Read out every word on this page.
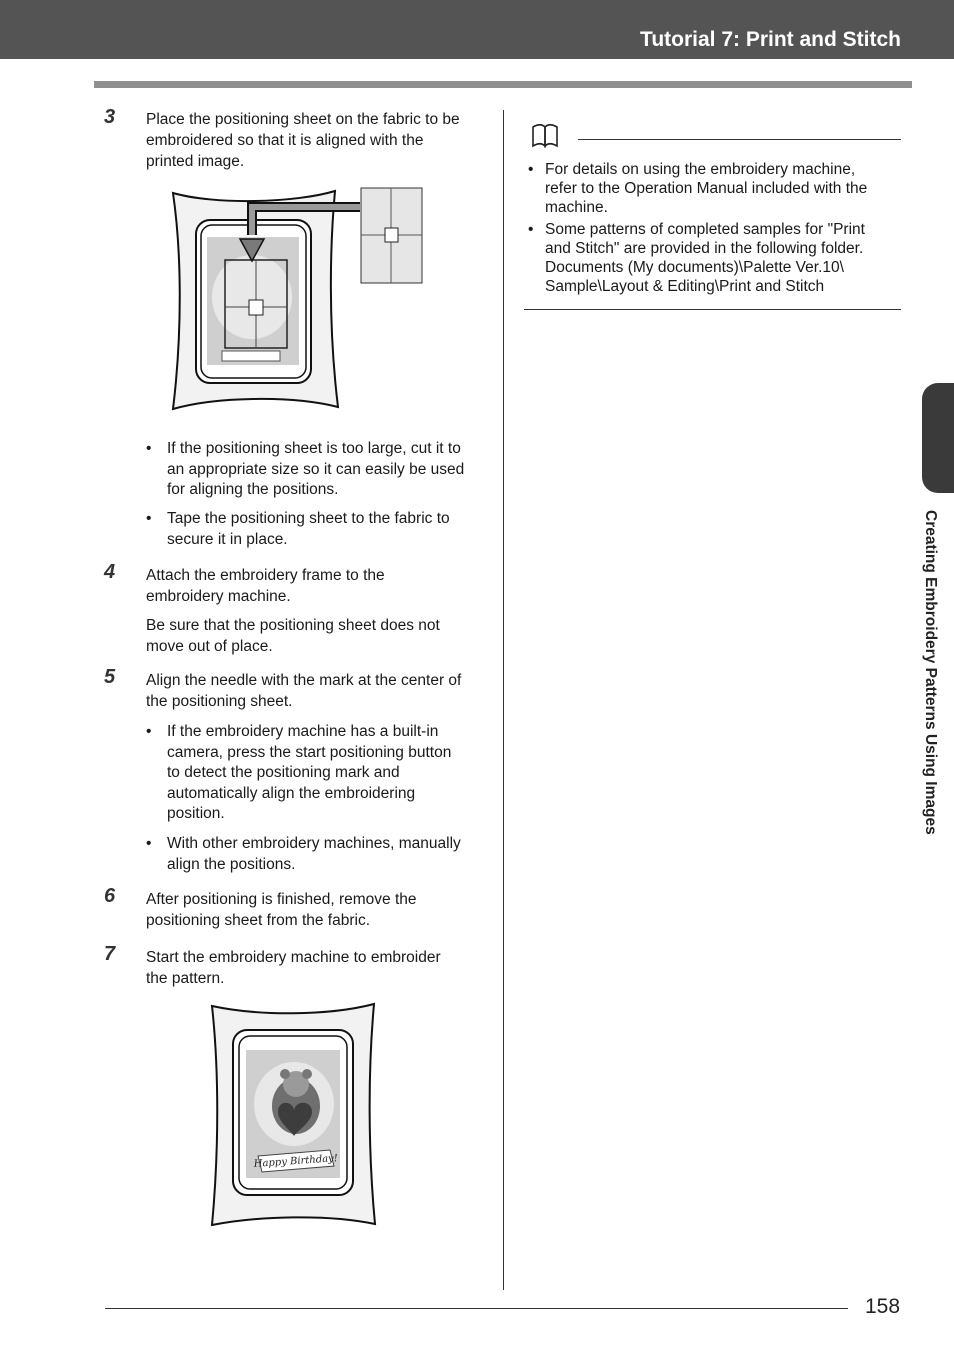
Tutorial 7: Print and Stitch
3 Place the positioning sheet on the fabric to be
embroidered so that it is aligned with the
printed image.
• If the positioning sheet is too large, cut it to
an appropriate size so it can easily be used
for aligning the positions.
• Tape the positioning sheet to the fabric to
secure it in place.
4 Attach the embroidery frame to the
embroidery machine.
Be sure that the positioning sheet does not
move out of place.
5 Align the needle with the mark at the center of
the positioning sheet.
• If the embroidery machine has a built-in
camera, press the start positioning button
to detect the positioning mark and
automatically align the embroidering
position.
• With other embroidery machines, manually
align the positions.
6 After positioning is finished, remove the
positioning sheet from the fabric.
7 Start the embroidery machine to embroider
the pattern.
Happy Birthday!
• For details on using the embroidery machine,
refer to the Operation Manual included with the
machine.
• Some patterns of completed samples for "Print
and Stitch" are provided in the following folder.
Documents (My documents)\Palette Ver.10\
Sample\Layout & Editing\Print and Stitch
Creating Embroidery Patterns Using Images
158
